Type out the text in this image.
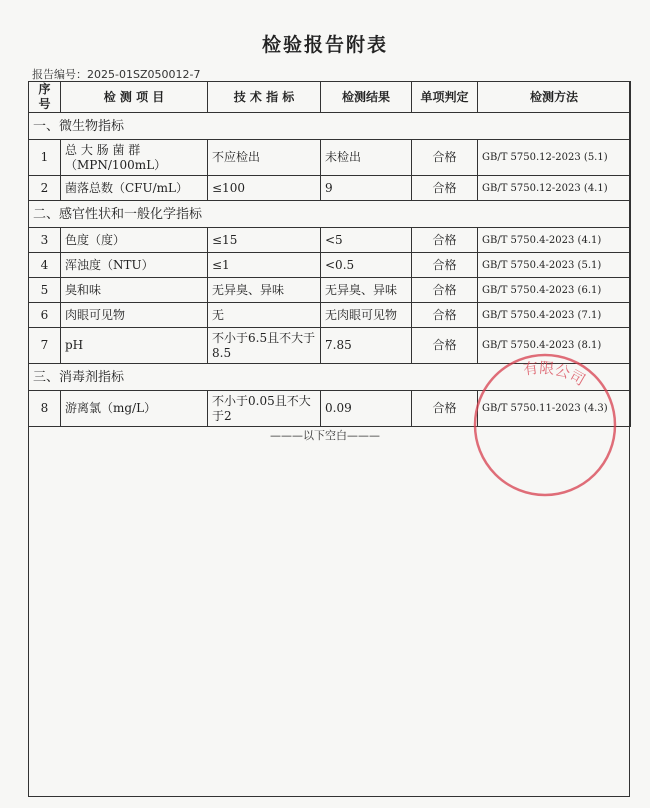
检验报告附表
报告编号：2025-01SZ050012-7
序号	检 测 项 目	技 术 指 标	检测结果	单项判定	检测方法
一、微生物指标					
1	总 大 肠 菌 群（MPN/100mL）	不应检出	未检出	合格	GB/T 5750.12-2023 (5.1)
2	菌落总数（CFU/mL）	≤100	9	合格	GB/T 5750.12-2023 (4.1)
二、感官性状和一般化学指标					
3	色度（度）	≤15	<5	合格	GB/T 5750.4-2023 (4.1)
4	浑浊度（NTU）	≤1	<0.5	合格	GB/T 5750.4-2023 (5.1)
5	臭和味	无异臭、异味	无异臭、异味	合格	GB/T 5750.4-2023 (6.1)
6	肉眼可见物	无	无肉眼可见物	合格	GB/T 5750.4-2023 (7.1)
7	pH	不小于6.5且不大于8.5	7.85	合格	GB/T 5750.4-2023 (8.1)
三、消毒剂指标					
8	游离氯（mg/L）	不小于0.05且不大于2	0.09	合格	GB/T 5750.11-2023 (4.3)
———以下空白———
有限公司
